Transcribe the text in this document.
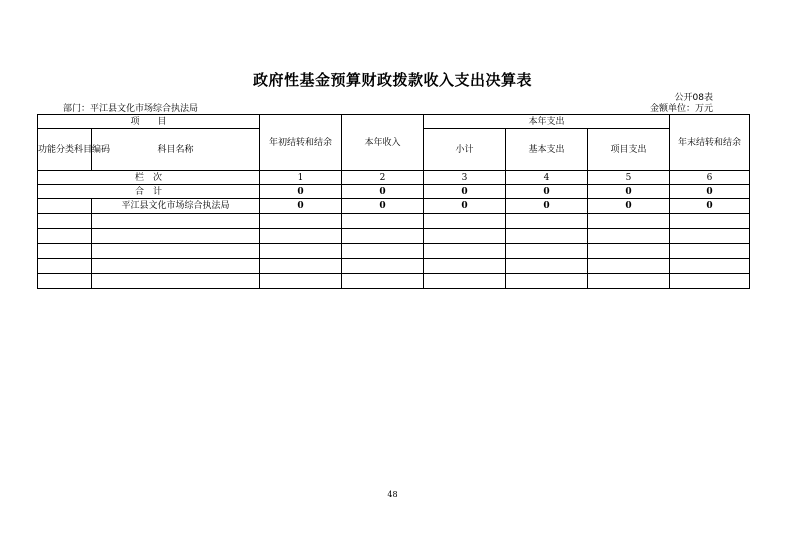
政府性基金预算财政拨款收入支出决算表
公开08表
部门：平江县文化市场综合执法局	金额单位：万元
项　　目		年初结转和结余	本年收入	本年支出			年末结转和结余
功能分类科目编码	科目名称			小计	基本支出	项目支出	
栏　次		1	2	3	4	5	6
合　计		0	0	0	0	0	0
	平江县文化市场综合执法局	0	0	0	0	0	0

48
